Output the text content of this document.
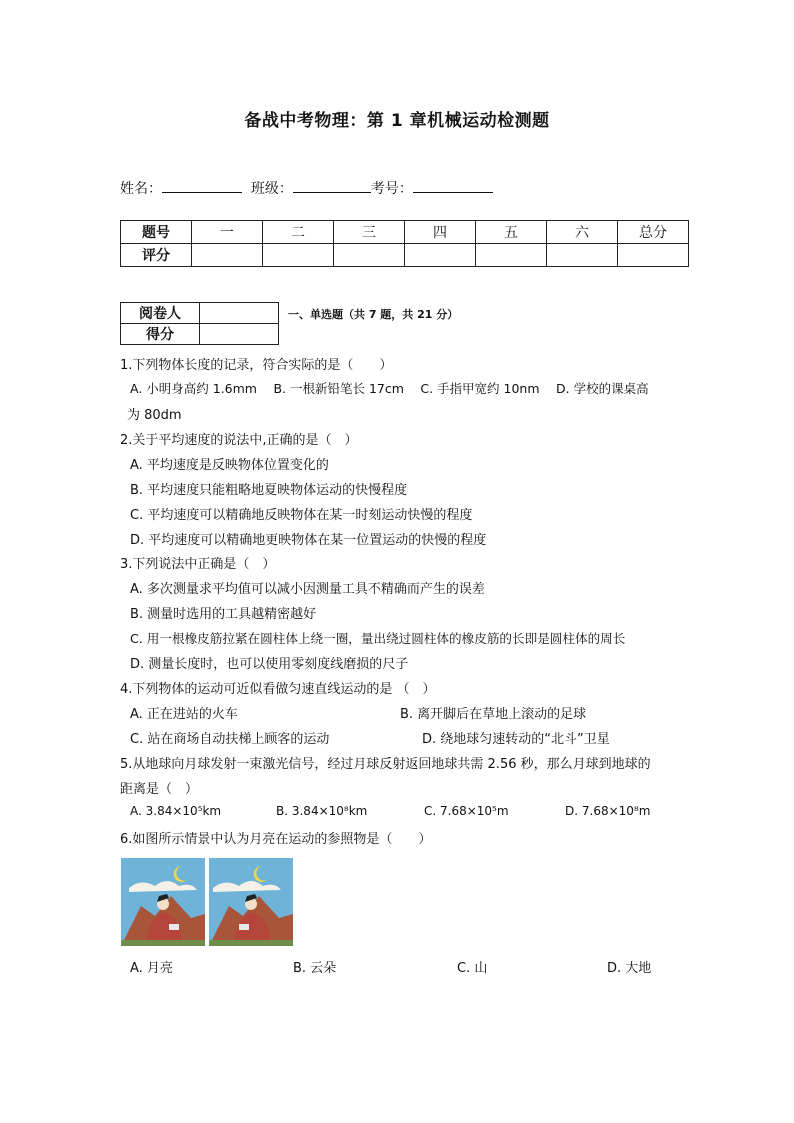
备战中考物理：第 1 章机械运动检测题
姓名：	班级：	考号：
题号	一	二	三	四	五	六	总分
评分							
阅卷人	
得分	
一、单选题（共 7 题，共 21 分）
1.下列物体长度的记录，符合实际的是（　　）
A. 小明身高约 1.6mm　 B. 一根新铅笔长 17cm　 C. 手指甲宽约 10nm　 D. 学校的课桌高
为 80dm
2.关于平均速度的说法中,正确的是（　）
A. 平均速度是反映物体位置变化的
B. 平均速度只能粗略地夏映物体运动的快慢程度
C. 平均速度可以精确地反映物体在某一时刻运动快慢的程度
D. 平均速度可以精确地更映物体在某一位置运动的快慢的程度
3.下列说法中正确是（　）
A. 多次测量求平均值可以减小因测量工具不精确而产生的误差
B. 测量时选用的工具越精密越好
C. 用一根橡皮筋拉紧在圆柱体上绕一圈，量出绕过圆柱体的橡皮筋的长即是圆柱体的周长
D. 测量长度时，也可以使用零刻度线磨损的尺子
4.下列物体的运动可近似看做匀速直线运动的是 （　）
A. 正在进站的火车	B. 离开脚后在草地上滚动的足球
C. 站在商场自动扶梯上顾客的运动	D. 绕地球匀速转动的“北斗”卫星
5.从地球向月球发射一束激光信号，经过月球反射返回地球共需 2.56 秒，那么月球到地球的
距离是（　）
A. 3.84×10⁵km	B. 3.84×10⁸km	C. 7.68×10⁵m	D. 7.68×10⁸m
6.如图所示情景中认为月亮在运动的参照物是（　　）
A. 月亮	B. 云朵	C. 山	D. 大地
